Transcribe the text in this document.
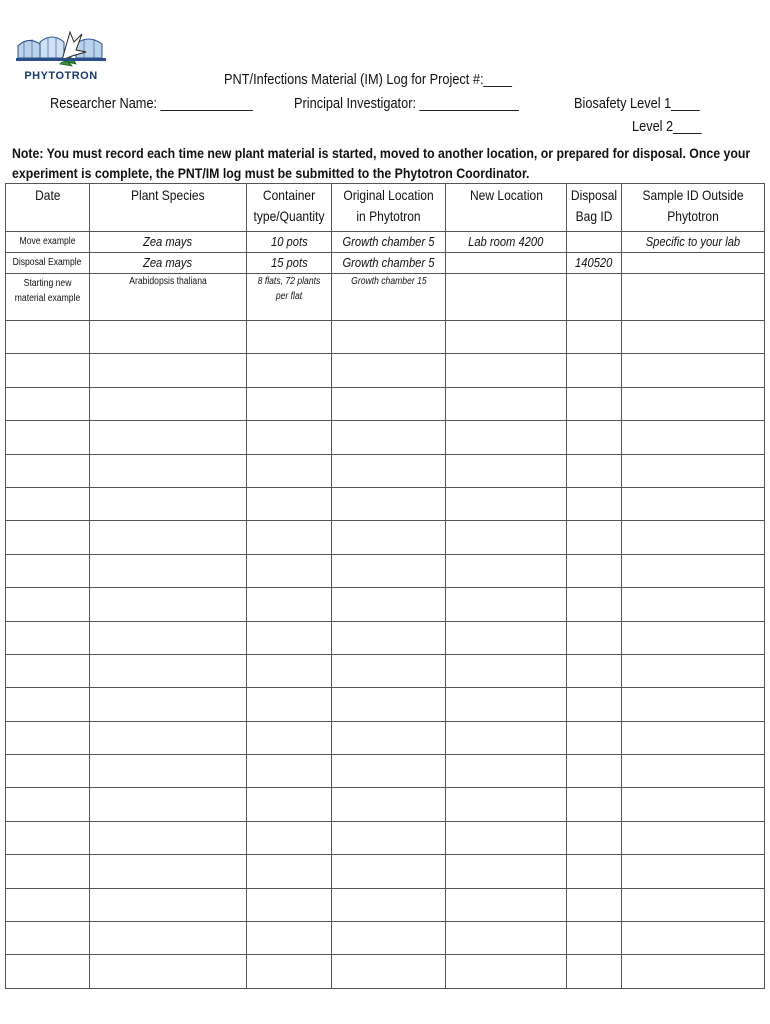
PHYTOTRON	PNT/Infections Material (IM) Log for Project #:____
Researcher Name: _____________	Principal Investigator: ______________	Biosafety Level 1____
Level 2____
Note: You must record each time new plant material is started, moved to another location, or prepared for disposal. Once your experiment is complete, the PNT/IM log must be submitted to the Phytotron Coordinator.
Date	Plant Species	Container type/Quantity	Original Location in Phytotron	New Location	Disposal Bag ID	Sample ID Outside Phytotron
Move example	Zea mays	10 pots	Growth chamber 5	Lab room 4200		Specific to your lab
Disposal Example	Zea mays	15 pots	Growth chamber 5		140520	
Starting new material example	Arabidopsis thaliana	8 flats, 72 plants per flat	Growth chamber 15			
